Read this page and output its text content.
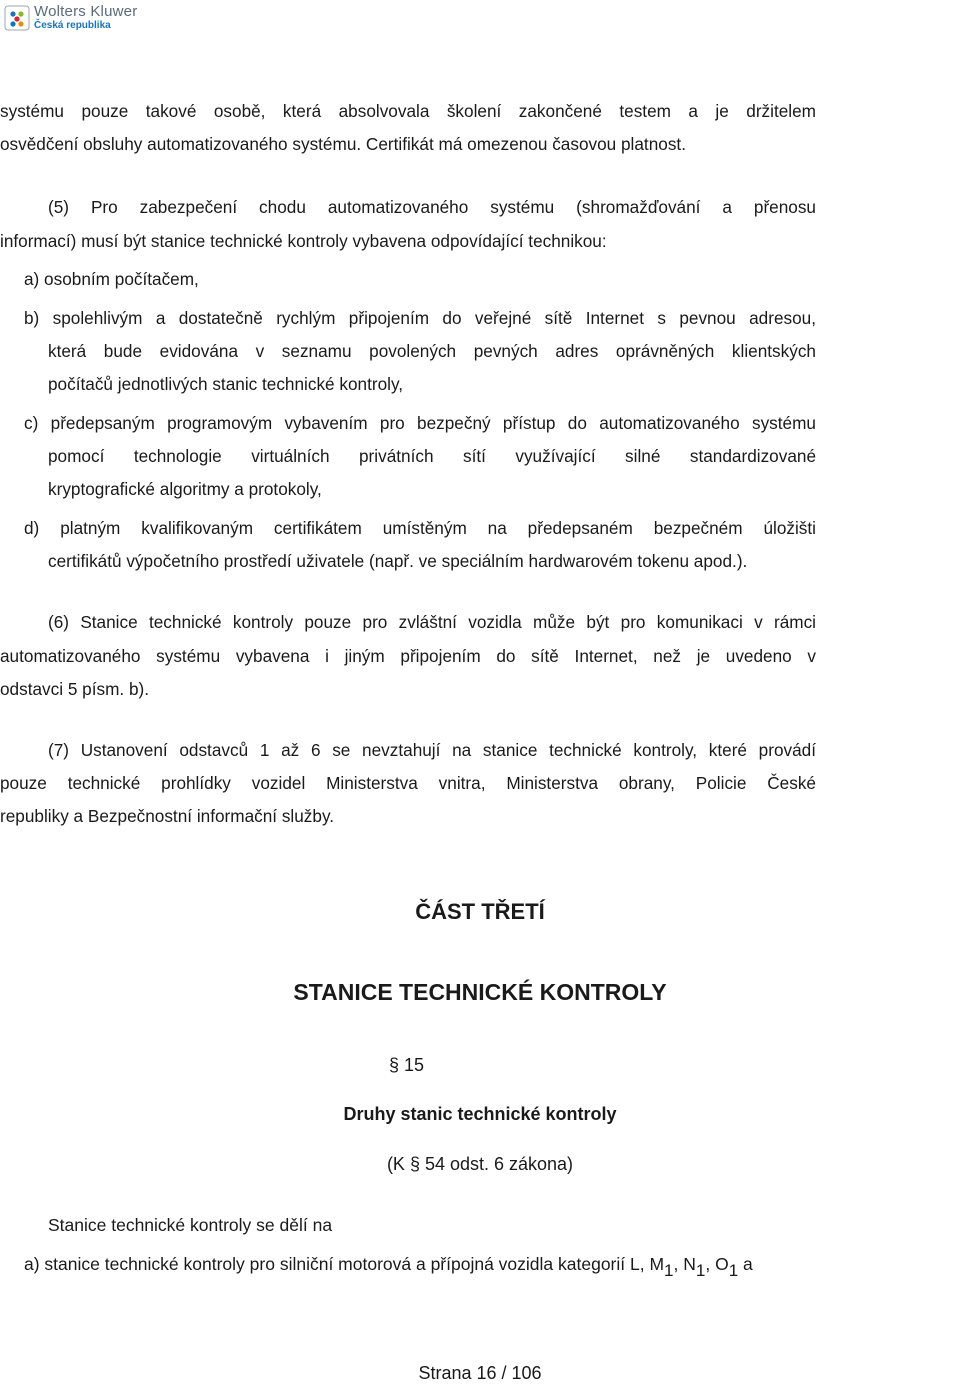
Wolters Kluwer
Česká republika

systému pouze takové osobě, která absolvovala školení zakončené testem a je držitelem

osvědčení obsluhy automatizovaného systému. Certifikát má omezenou časovou platnost.

(5) Pro zabezpečení chodu automatizovaného systému (shromažďování a přenosu

informací) musí být stanice technické kontroly vybavena odpovídající technikou:

a) osobním počítačem,

b) spolehlivým a dostatečně rychlým připojením do veřejné sítě Internet s pevnou adresou,

která bude evidována v seznamu povolených pevných adres oprávněných klientských

počítačů jednotlivých stanic technické kontroly,

c) předepsaným programovým vybavením pro bezpečný přístup do automatizovaného systému

pomocí technologie virtuálních privátních sítí využívající silné standardizované

kryptografické algoritmy a protokoly,

d) platným kvalifikovaným certifikátem umístěným na předepsaném bezpečném úložišti

certifikátů výpočetního prostředí uživatele (např. ve speciálním hardwarovém tokenu apod.).

(6) Stanice technické kontroly pouze pro zvláštní vozidla může být pro komunikaci v rámci

automatizovaného systému vybavena i jiným připojením do sítě Internet, než je uvedeno v

odstavci 5 písm. b).

(7) Ustanovení odstavců 1 až 6 se nevztahují na stanice technické kontroly, které provádí

pouze technické prohlídky vozidel Ministerstva vnitra, Ministerstva obrany, Policie České

republiky a Bezpečnostní informační služby.

ČÁST TŘETÍ

STANICE TECHNICKÉ KONTROLY

§ 15

Druhy stanic technické kontroly

(K § 54 odst. 6 zákona)

Stanice technické kontroly se dělí na

a) stanice technické kontroly pro silniční motorová a přípojná vozidla kategorií L, $M_1$, $N_1$, $O_1$ a

Strana 16 / 106
